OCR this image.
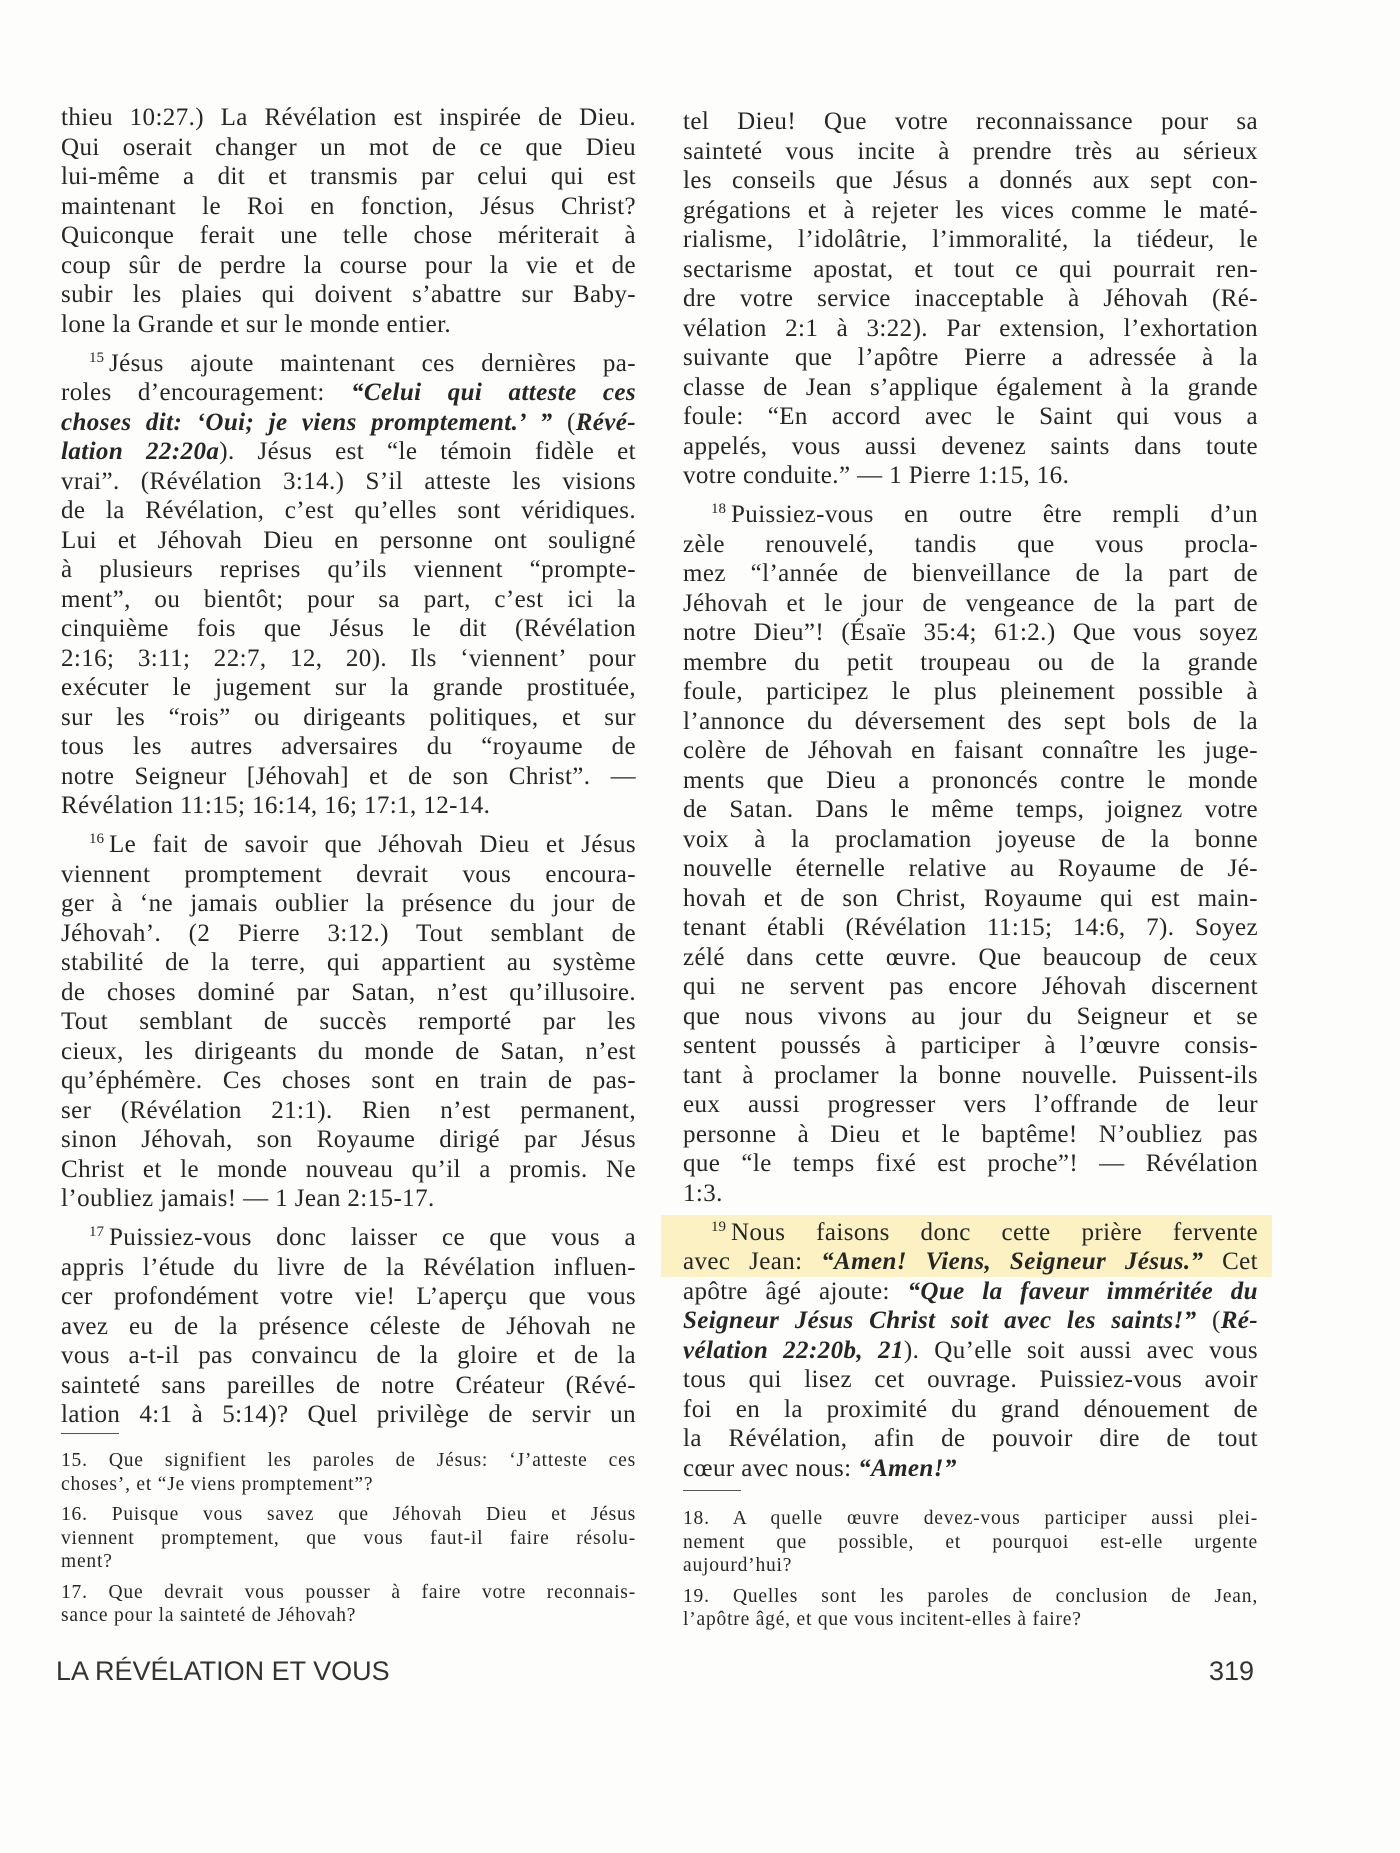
thieu 10:27.) La Révélation est inspirée de Dieu.
Qui oserait changer un mot de ce que Dieu
lui-même a dit et transmis par celui qui est
maintenant le Roi en fonction, Jésus Christ?
Quiconque ferait une telle chose mériterait à
coup sûr de perdre la course pour la vie et de
subir les plaies qui doivent s’abattre sur Baby-
lone la Grande et sur le monde entier.
$^{15}$ Jésus ajoute maintenant ces dernières pa-
roles d’encouragement: “Celui qui atteste ces
choses dit: ‘Oui; je viens promptement.’ ” (Révé-
lation 22:20a). Jésus est “le témoin fidèle et
vrai”. (Révélation 3:14.) S’il atteste les visions
de la Révélation, c’est qu’elles sont véridiques.
Lui et Jéhovah Dieu en personne ont souligné
à plusieurs reprises qu’ils viennent “prompte-
ment”, ou bientôt; pour sa part, c’est ici la
cinquième fois que Jésus le dit (Révélation
2:16; 3:11; 22:7, 12, 20). Ils ‘viennent’ pour
exécuter le jugement sur la grande prostituée,
sur les “rois” ou dirigeants politiques, et sur
tous les autres adversaires du “royaume de
notre Seigneur [Jéhovah] et de son Christ”. —
Révélation 11:15; 16:14, 16; 17:1, 12-14.
$^{16}$ Le fait de savoir que Jéhovah Dieu et Jésus
viennent promptement devrait vous encoura-
ger à ‘ne jamais oublier la présence du jour de
Jéhovah’. (2 Pierre 3:12.) Tout semblant de
stabilité de la terre, qui appartient au système
de choses dominé par Satan, n’est qu’illusoire.
Tout semblant de succès remporté par les
cieux, les dirigeants du monde de Satan, n’est
qu’éphémère. Ces choses sont en train de pas-
ser (Révélation 21:1). Rien n’est permanent,
sinon Jéhovah, son Royaume dirigé par Jésus
Christ et le monde nouveau qu’il a promis. Ne
l’oubliez jamais! — 1 Jean 2:15-17.
$^{17}$ Puissiez-vous donc laisser ce que vous a
appris l’étude du livre de la Révélation influen-
cer profondément votre vie! L’aperçu que vous
avez eu de la présence céleste de Jéhovah ne
vous a-t-il pas convaincu de la gloire et de la
sainteté sans pareilles de notre Créateur (Révé-
lation 4:1 à 5:14)? Quel privilège de servir un
15. Que signifient les paroles de Jésus: ‘J’atteste ces
choses’, et “Je viens promptement”?
16. Puisque vous savez que Jéhovah Dieu et Jésus
viennent promptement, que vous faut-il faire résolu-
ment?
17. Que devrait vous pousser à faire votre reconnais-
sance pour la sainteté de Jéhovah?
tel Dieu! Que votre reconnaissance pour sa
sainteté vous incite à prendre très au sérieux
les conseils que Jésus a donnés aux sept con-
grégations et à rejeter les vices comme le maté-
rialisme, l’idolâtrie, l’immoralité, la tiédeur, le
sectarisme apostat, et tout ce qui pourrait ren-
dre votre service inacceptable à Jéhovah (Ré-
vélation 2:1 à 3:22). Par extension, l’exhortation
suivante que l’apôtre Pierre a adressée à la
classe de Jean s’applique également à la grande
foule: “En accord avec le Saint qui vous a
appelés, vous aussi devenez saints dans toute
votre conduite.” — 1 Pierre 1:15, 16.
$^{18}$ Puissiez-vous en outre être rempli d’un
zèle renouvelé, tandis que vous procla-
mez “l’année de bienveillance de la part de
Jéhovah et le jour de vengeance de la part de
notre Dieu”! (Ésaïe 35:4; 61:2.) Que vous soyez
membre du petit troupeau ou de la grande
foule, participez le plus pleinement possible à
l’annonce du déversement des sept bols de la
colère de Jéhovah en faisant connaître les juge-
ments que Dieu a prononcés contre le monde
de Satan. Dans le même temps, joignez votre
voix à la proclamation joyeuse de la bonne
nouvelle éternelle relative au Royaume de Jé-
hovah et de son Christ, Royaume qui est main-
tenant établi (Révélation 11:15; 14:6, 7). Soyez
zélé dans cette œuvre. Que beaucoup de ceux
qui ne servent pas encore Jéhovah discernent
que nous vivons au jour du Seigneur et se
sentent poussés à participer à l’œuvre consis-
tant à proclamer la bonne nouvelle. Puissent-ils
eux aussi progresser vers l’offrande de leur
personne à Dieu et le baptême! N’oubliez pas
que “le temps fixé est proche”! — Révélation
1:3.
$^{19}$ Nous faisons donc cette prière fervente
avec Jean: “Amen! Viens, Seigneur Jésus.” Cet
apôtre âgé ajoute: “Que la faveur imméritée du
Seigneur Jésus Christ soit avec les saints!” (Ré-
vélation 22:20b, 21). Qu’elle soit aussi avec vous
tous qui lisez cet ouvrage. Puissiez-vous avoir
foi en la proximité du grand dénouement de
la Révélation, afin de pouvoir dire de tout
cœur avec nous: “Amen!”
18. A quelle œuvre devez-vous participer aussi plei-
nement que possible, et pourquoi est-elle urgente
aujourd’hui?
19. Quelles sont les paroles de conclusion de Jean,
l’apôtre âgé, et que vous incitent-elles à faire?
LA RÉVÉLATION ET VOUS	319
